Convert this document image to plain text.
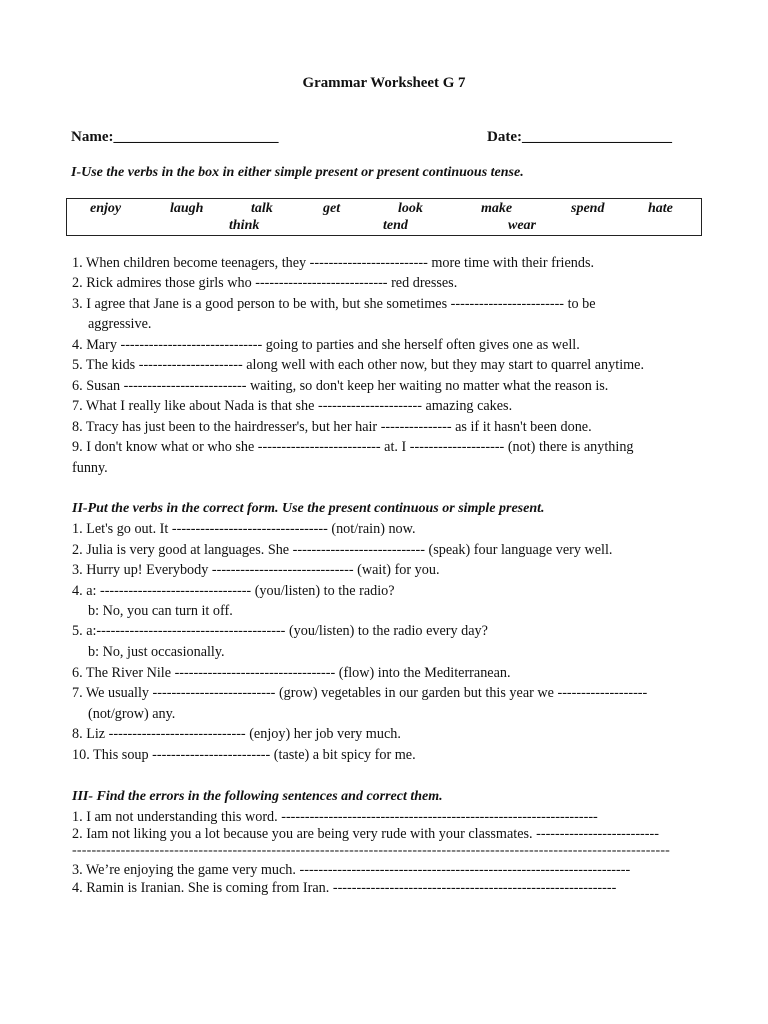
Grammar Worksheet G 7
Name:______________________	Date:____________________
I-Use the verbs in the box in either simple present or present continuous tense.
enjoy	laugh	talk	get	look	make	spend	hate
think	tend	wear
1. When children become teenagers, they ------------------------- more time with their friends.
2. Rick admires those girls who ---------------------------- red dresses.
3. I agree that Jane is a good person to be with, but she sometimes ------------------------ to be
aggressive.
4. Mary ------------------------------ going to parties and she herself often gives one as well.
5. The kids ---------------------- along well with each other now, but they may start to quarrel anytime.
6. Susan -------------------------- waiting, so don't keep her waiting no matter what the reason is.
7. What I really like about Nada is that she ---------------------- amazing cakes.
8. Tracy has just been to the hairdresser's, but her hair --------------- as if it hasn't been done.
9. I don't know what or who she -------------------------- at. I -------------------- (not) there is anything
funny.
II-Put the verbs in the correct form. Use the present continuous or simple present.
1. Let's go out. It --------------------------------- (not/rain) now.
2. Julia is very good at languages. She ---------------------------- (speak) four language very well.
3. Hurry up! Everybody ------------------------------ (wait) for you.
4. a: -------------------------------- (you/listen) to the radio?
b: No, you can turn it off.
5. a:---------------------------------------- (you/listen) to the radio every day?
b: No, just occasionally.
6. The River Nile ---------------------------------- (flow) into the Mediterranean.
7. We usually -------------------------- (grow) vegetables in our garden but this year we -------------------
(not/grow) any.
8. Liz ----------------------------- (enjoy) her job very much.
10. This soup ------------------------- (taste) a bit spicy for me.
III- Find the errors in the following sentences and correct them.
1. I am not understanding this word. -------------------------------------------------------------------
2. Iam not liking you a lot because you are being very rude with your classmates. --------------------------
---------------------------------------------------------------------------------------------------------------------------
3. We’re enjoying the game very much. ----------------------------------------------------------------------
4. Ramin is Iranian. She is coming from Iran. ------------------------------------------------------------
